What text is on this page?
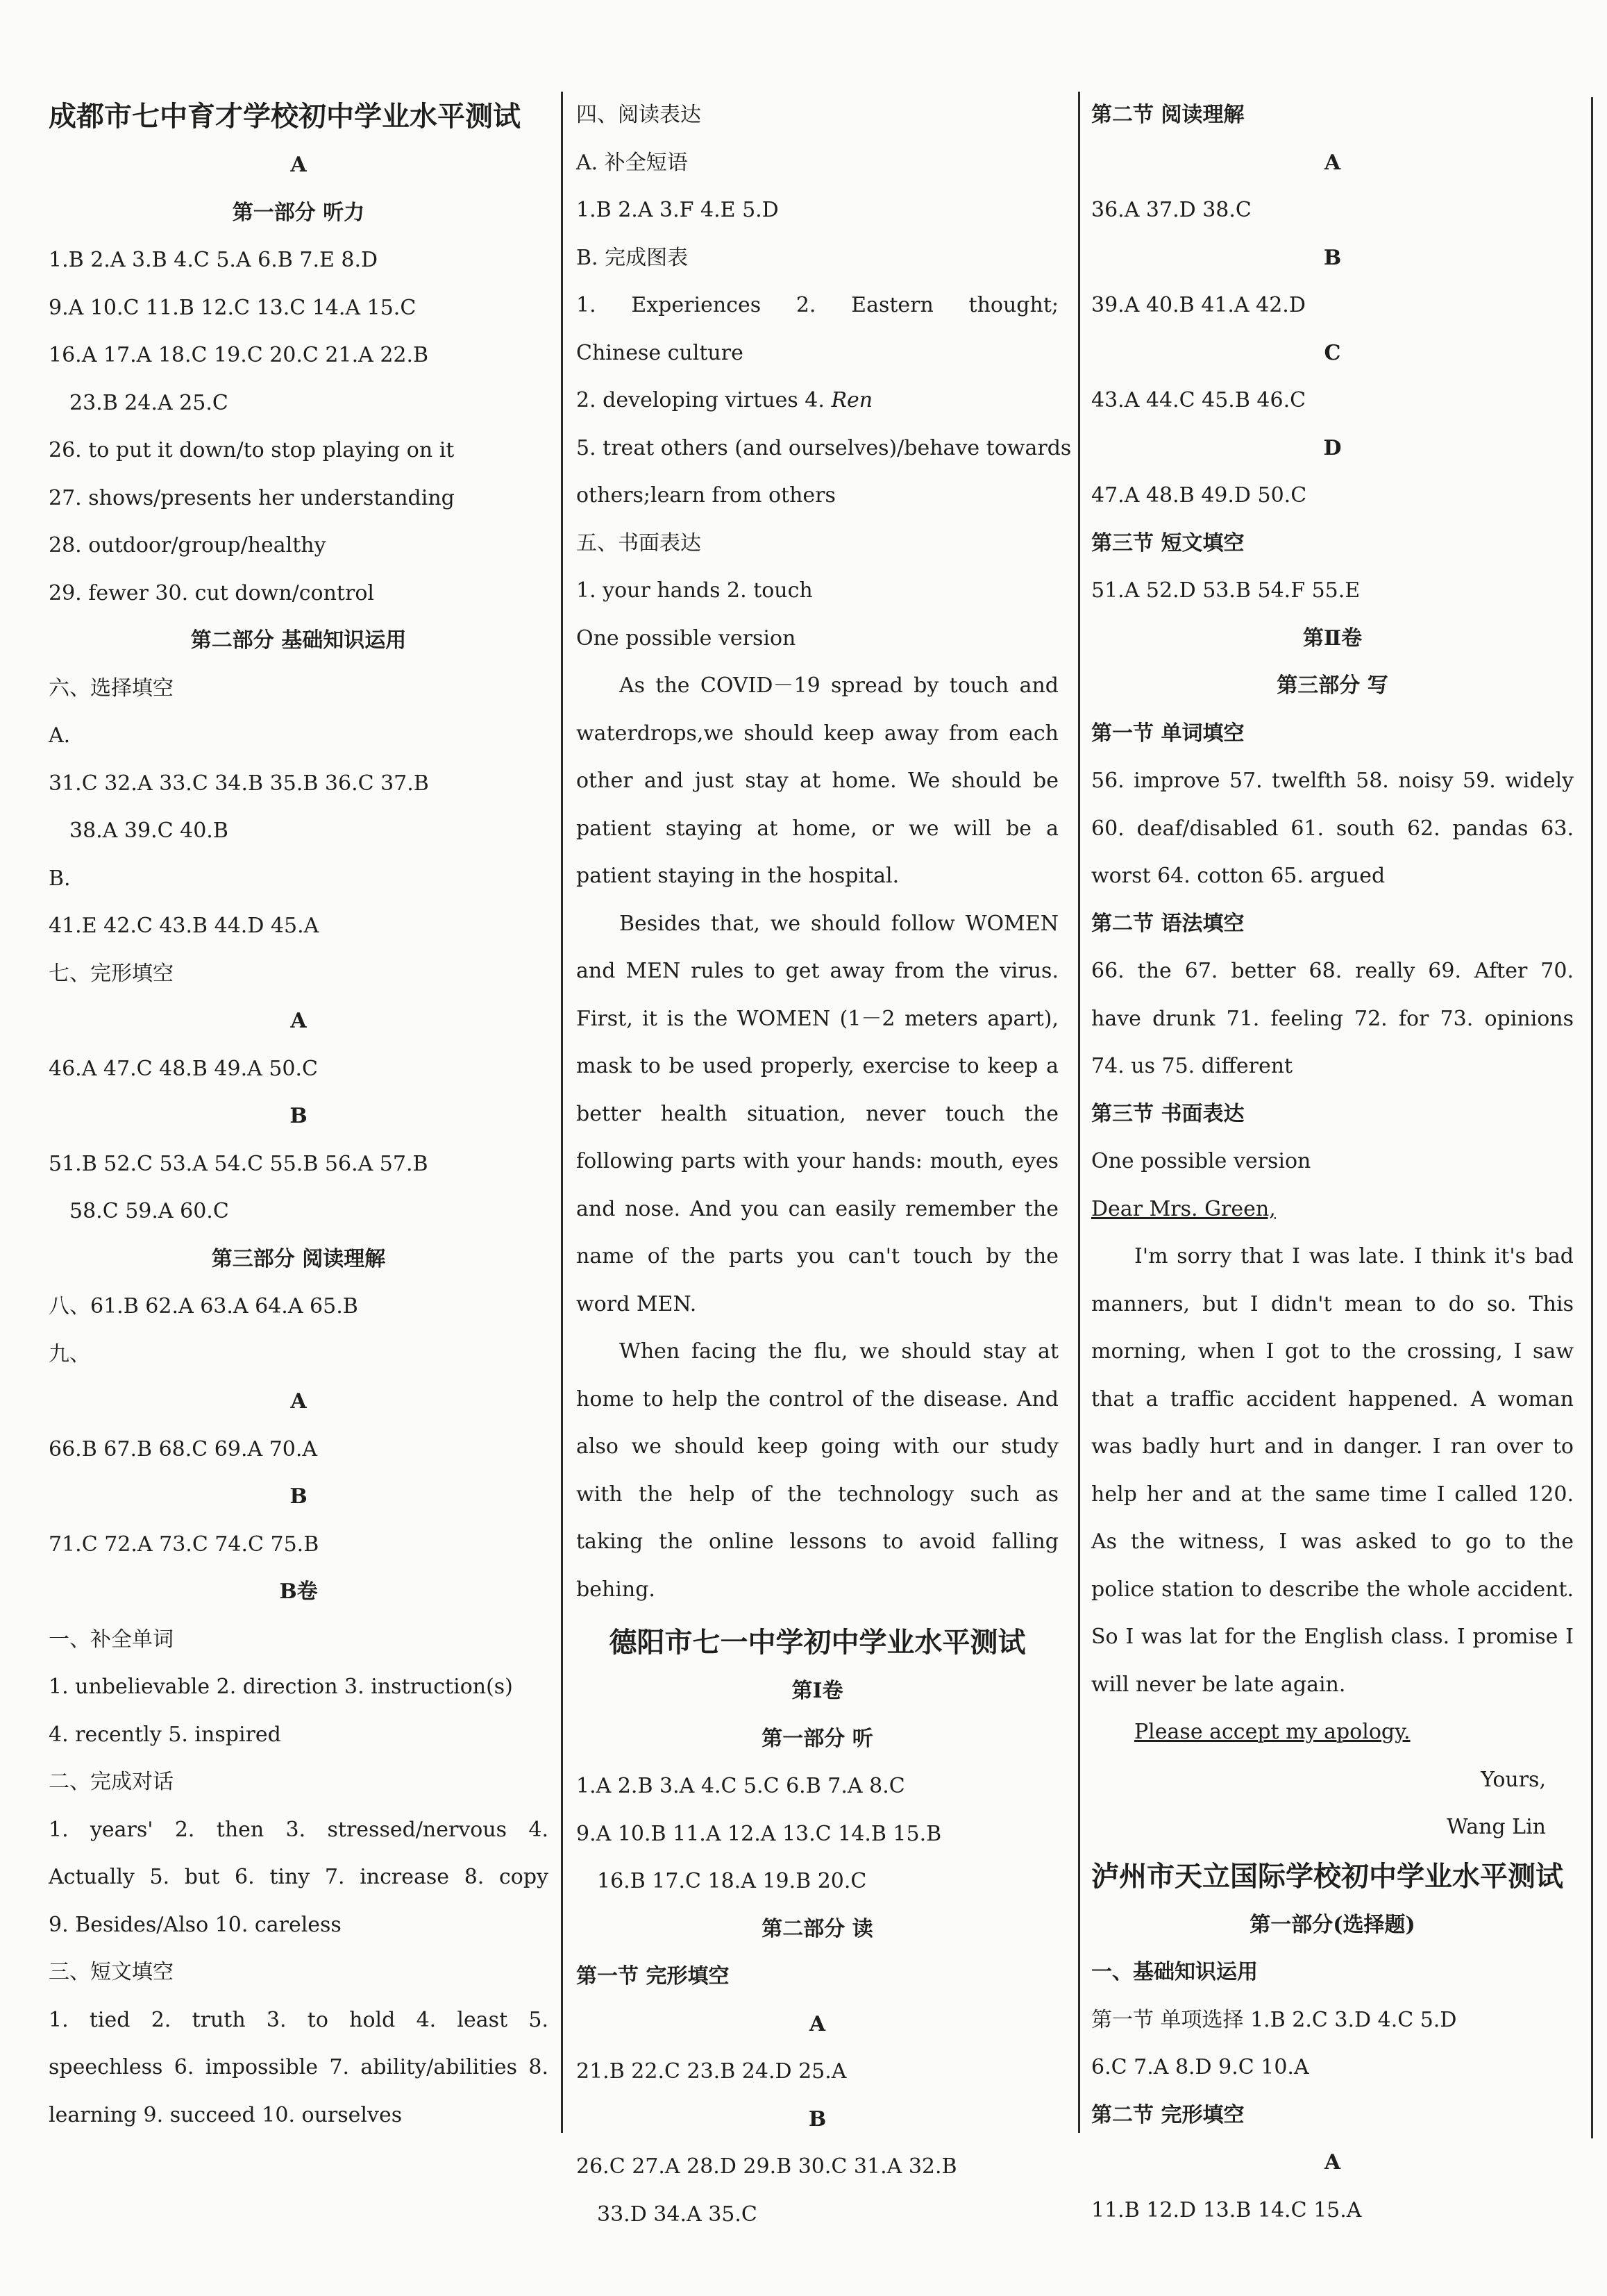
成都市七中育才学校初中学业水平测试
A
第一部分 听力
1.B 2.A 3.B 4.C 5.A 6.B 7.E 8.D
9.A 10.C 11.B 12.C 13.C 14.A 15.C
16.A 17.A 18.C 19.C 20.C 21.A 22.B
23.B 24.A 25.C
26. to put it down/to stop playing on it
27. shows/presents her understanding
28. outdoor/group/healthy
29. fewer 30. cut down/control
第二部分 基础知识运用
六、选择填空
A.
31.C 32.A 33.C 34.B 35.B 36.C 37.B
38.A 39.C 40.B
B.
41.E 42.C 43.B 44.D 45.A
七、完形填空
A
46.A 47.C 48.B 49.A 50.C
B
51.B 52.C 53.A 54.C 55.B 56.A 57.B
58.C 59.A 60.C
第三部分 阅读理解
八、61.B 62.A 63.A 64.A 65.B
九、
A
66.B 67.B 68.C 69.A 70.A
B
71.C 72.A 73.C 74.C 75.B
B卷
一、补全单词
1. unbelievable 2. direction 3. instruction(s)
4. recently 5. inspired
二、完成对话
1. years' 2. then 3. stressed/nervous 4.
Actually 5. but 6. tiny 7. increase 8. copy
9. Besides/Also 10. careless
三、短文填空
1. tied 2. truth 3. to hold 4. least 5.
speechless 6. impossible 7. ability/abilities 8.
learning 9. succeed 10. ourselves
四、阅读表达
A. 补全短语
1.B 2.A 3.F 4.E 5.D
B. 完成图表
1. Experiences 2. Eastern thought;
Chinese culture
2. developing virtues 4. Ren
5. treat others (and ourselves)/behave towards
others;learn from others
五、书面表达
1. your hands 2. touch
One possible version
As the COVID－19 spread by touch and waterdrops,we should keep away from each other and just stay at home. We should be patient staying at home, or we will be a patient staying in the hospital.
Besides that, we should follow WOMEN and MEN rules to get away from the virus. First, it is the WOMEN (1－2 meters apart), mask to be used properly, exercise to keep a better health situation, never touch the following parts with your hands: mouth, eyes and nose. And you can easily remember the name of the parts you can't touch by the word MEN.
When facing the flu, we should stay at home to help the control of the disease. And also we should keep going with our study with the help of the technology such as taking the online lessons to avoid falling behing.
德阳市七一中学初中学业水平测试
第Ⅰ卷
第一部分 听
1.A 2.B 3.A 4.C 5.C 6.B 7.A 8.C
9.A 10.B 11.A 12.A 13.C 14.B 15.B
16.B 17.C 18.A 19.B 20.C
第二部分 读
第一节 完形填空
A
21.B 22.C 23.B 24.D 25.A
B
26.C 27.A 28.D 29.B 30.C 31.A 32.B
33.D 34.A 35.C
第二节 阅读理解
A
36.A 37.D 38.C
B
39.A 40.B 41.A 42.D
C
43.A 44.C 45.B 46.C
D
47.A 48.B 49.D 50.C
第三节 短文填空
51.A 52.D 53.B 54.F 55.E
第Ⅱ卷
第三部分 写
第一节 单词填空
56. improve 57. twelfth 58. noisy 59. widely
60. deaf/disabled 61. south 62. pandas 63.
worst 64. cotton 65. argued
第二节 语法填空
66. the 67. better 68. really 69. After 70.
have drunk 71. feeling 72. for 73. opinions
74. us 75. different
第三节 书面表达
One possible version
Dear Mrs. Green,
I'm sorry that I was late. I think it's bad manners, but I didn't mean to do so. This morning, when I got to the crossing, I saw that a traffic accident happened. A woman was badly hurt and in danger. I ran over to help her and at the same time I called 120. As the witness, I was asked to go to the police station to describe the whole accident. So I was lat for the English class. I promise I will never be late again.
Please accept my apology.
Yours,
Wang Lin
泸州市天立国际学校初中学业水平测试
第一部分(选择题)
一、基础知识运用
第一节 单项选择 1.B 2.C 3.D 4.C 5.D
6.C 7.A 8.D 9.C 10.A
第二节 完形填空
A
11.B 12.D 13.B 14.C 15.A
